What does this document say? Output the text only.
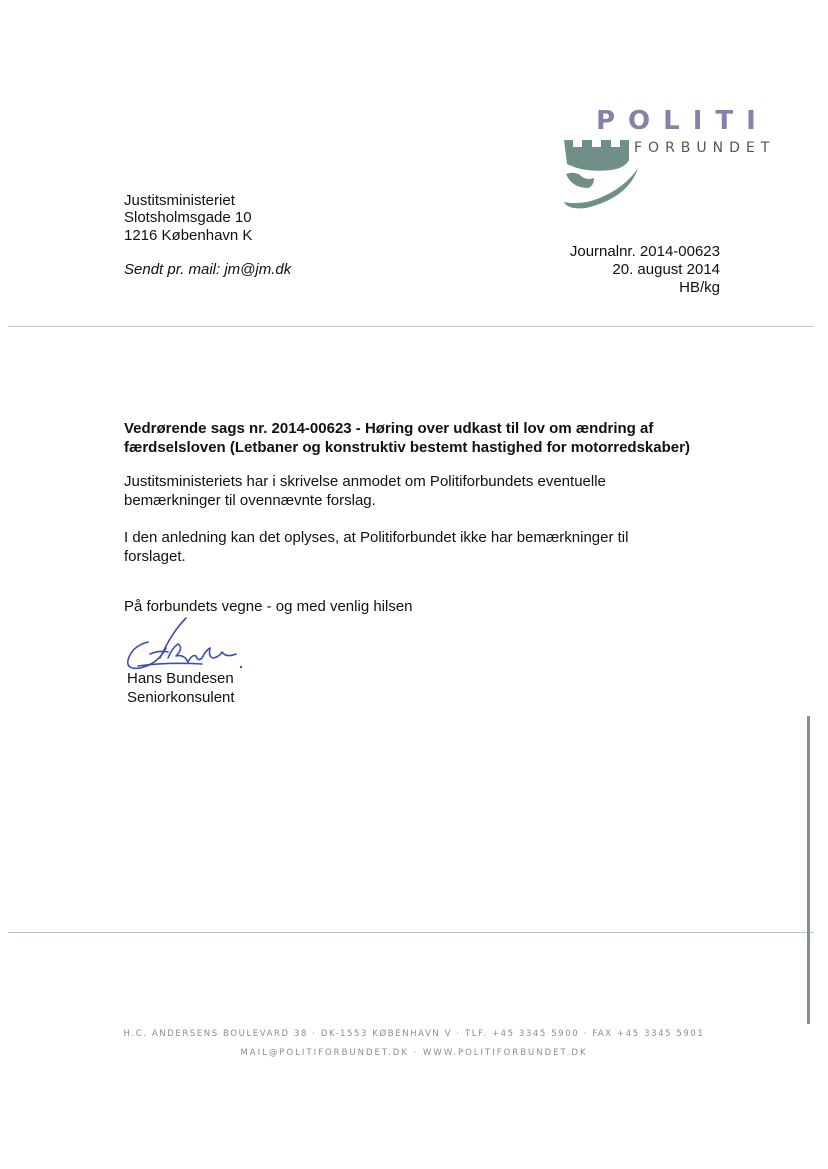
POLITI
FORBUNDET
Justitsministeriet
Slotsholmsgade 10
1216 København K
Sendt pr. mail: jm@jm.dk
Journalnr. 2014-00623
20. august 2014
HB/kg
Vedrørende sags nr. 2014-00623 - Høring over udkast til lov om ændring af
færdselsloven (Letbaner og konstruktiv bestemt hastighed for motorredskaber)
Justitsministeriets har i skrivelse anmodet om Politiforbundets eventuelle
bemærkninger til ovennævnte forslag.
I den anledning kan det oplyses, at Politiforbundet ikke har bemærkninger til
forslaget.
På forbundets vegne - og med venlig hilsen
Hans Bundesen
Seniorkonsulent
H.C. ANDERSENS BOULEVARD 38 · DK-1553 KØBENHAVN V · TLF. +45 3345 5900 · FAX +45 3345 5901
MAIL@POLITIFORBUNDET.DK · WWW.POLITIFORBUNDET.DK
